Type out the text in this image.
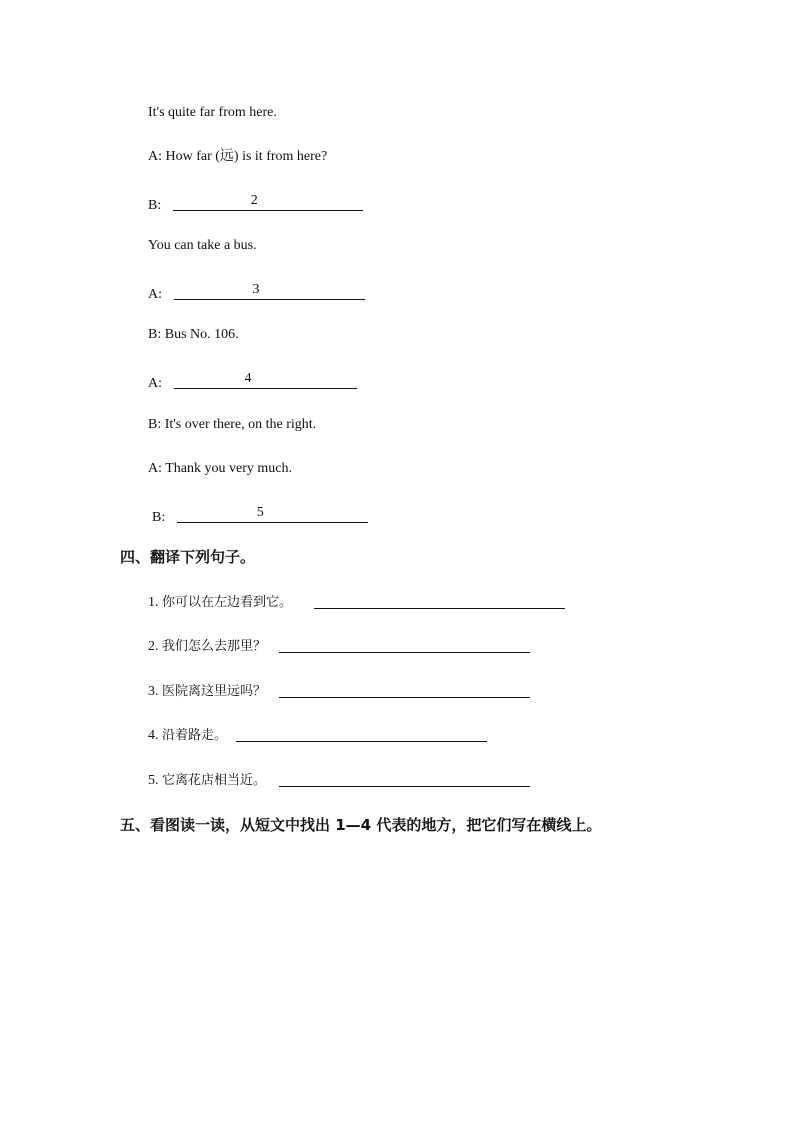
It's quite far from here.
A: How far (远) is it from here?
B:	2
You can take a bus.
A:	3
B: Bus No. 106.
A:	4
B: It's over there, on the right.
A: Thank you very much.
B:	5
四、翻译下列句子。
1. 你可以在左边看到它。
2. 我们怎么去那里？
3. 医院离这里远吗？
4. 沿着路走。
5. 它离花店相当近。
五、看图读一读，从短文中找出 1—4 代表的地方，把它们写在横线上。
